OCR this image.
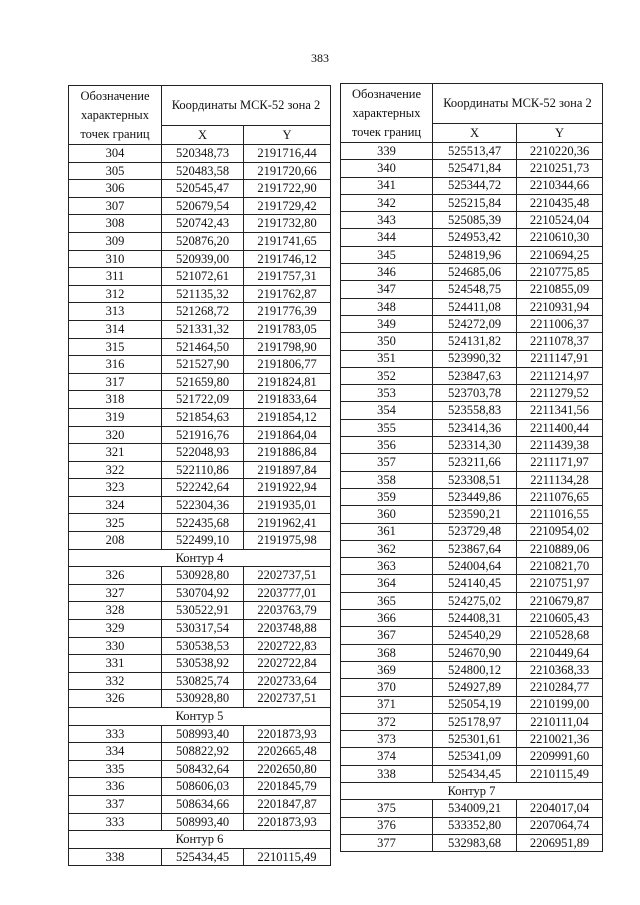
383
Обозначение характерных точек границ	Координаты МСК-52 зона 2	
	X	Y
304	520348,73	2191716,44
305	520483,58	2191720,66
306	520545,47	2191722,90
307	520679,54	2191729,42
308	520742,43	2191732,80
309	520876,20	2191741,65
310	520939,00	2191746,12
311	521072,61	2191757,31
312	521135,32	2191762,87
313	521268,72	2191776,39
314	521331,32	2191783,05
315	521464,50	2191798,90
316	521527,90	2191806,77
317	521659,80	2191824,81
318	521722,09	2191833,64
319	521854,63	2191854,12
320	521916,76	2191864,04
321	522048,93	2191886,84
322	522110,86	2191897,84
323	522242,64	2191922,94
324	522304,36	2191935,01
325	522435,68	2191962,41
208	522499,10	2191975,98
Контур 4		
326	530928,80	2202737,51
327	530704,92	2203777,01
328	530522,91	2203763,79
329	530317,54	2203748,88
330	530538,53	2202722,83
331	530538,92	2202722,84
332	530825,74	2202733,64
326	530928,80	2202737,51
Контур 5		
333	508993,40	2201873,93
334	508822,92	2202665,48
335	508432,64	2202650,80
336	508606,03	2201845,79
337	508634,66	2201847,87
333	508993,40	2201873,93
Контур 6		
338	525434,45	2210115,49
Обозначение характерных точек границ	Координаты МСК-52 зона 2	
	X	Y
339	525513,47	2210220,36
340	525471,84	2210251,73
341	525344,72	2210344,66
342	525215,84	2210435,48
343	525085,39	2210524,04
344	524953,42	2210610,30
345	524819,96	2210694,25
346	524685,06	2210775,85
347	524548,75	2210855,09
348	524411,08	2210931,94
349	524272,09	2211006,37
350	524131,82	2211078,37
351	523990,32	2211147,91
352	523847,63	2211214,97
353	523703,78	2211279,52
354	523558,83	2211341,56
355	523414,36	2211400,44
356	523314,30	2211439,38
357	523211,66	2211171,97
358	523308,51	2211134,28
359	523449,86	2211076,65
360	523590,21	2211016,55
361	523729,48	2210954,02
362	523867,64	2210889,06
363	524004,64	2210821,70
364	524140,45	2210751,97
365	524275,02	2210679,87
366	524408,31	2210605,43
367	524540,29	2210528,68
368	524670,90	2210449,64
369	524800,12	2210368,33
370	524927,89	2210284,77
371	525054,19	2210199,00
372	525178,97	2210111,04
373	525301,61	2210021,36
374	525341,09	2209991,60
338	525434,45	2210115,49
Контур 7		
375	534009,21	2204017,04
376	533352,80	2207064,74
377	532983,68	2206951,89
